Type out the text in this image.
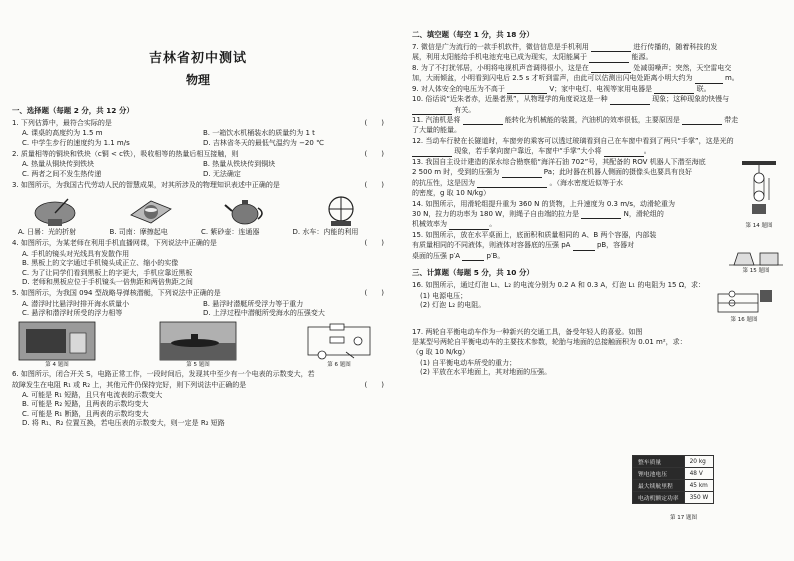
吉林省初中测试
物理
一、选择题（每题 2 分，共 12 分）
1. 下列估算中，最符合实际的是	(　　)
A. 课桌的高度约为 1.5 m	B. 一箱饮水机桶装水的质量约为 1 t
C. 中学生步行的速度约为 1.1 m/s	D. 吉林省冬天的最低气温约为 −20 ℃
2. 质量相等的铜块和铁块（c铜 < c铁），吸收相等的热量后相互接触，则	(　　)
A. 热量从铜块传到铁块	B. 热量从铁块传到铜块
C. 两者之间不发生热传递	D. 无法确定
3. 如图所示，为我国古代劳动人民的智慧成果，对其所涉及的物理知识表述中正确的是	(　　)
A. 日晷：光的折射	B. 司南：摩擦起电	C. 紫砂壶：连通器	D. 水车：内能的利用
4. 如图所示，为某老师在利用手机直播网课，下列说法中正确的是	(　　)
A. 手机的镜头对光线具有发散作用
B. 黑板上的文字通过手机镜头成正立、缩小的实像
C. 为了让同学们看到黑板上的字更大，手机应靠近黑板
D. 老师和黑板应位于手机镜头一倍焦距和两倍焦距之间
5. 如图所示，为我国 094 型战略导弹核潜艇，下列说法中正确的是	(　　)
A. 潜浮时比悬浮时排开海水质量小	B. 悬浮时潜艇所受浮力等于重力
C. 悬浮和潜浮时所受的浮力相等	D. 上浮过程中潜艇所受海水的压强变大
第 4 题图	第 5 题图	第 6 题图
6. 如图所示，闭合开关 S，电路正常工作，一段时间后，发现其中至少有一个电表的示数变大，若
故障发生在电阻 R₁ 或 R₂ 上，其他元件仍保持完好，则下列说法中正确的是	(　　)
A. 可能是 R₁ 短路，且只有电流表的示数变大
B. 可能是 R₂ 短路，且两表的示数均变大
C. 可能是 R₁ 断路，且两表的示数均变大
D. 将 R₁、R₂ 位置互换，若电压表的示数变大，则一定是 R₂ 短路
二、填空题（每空 1 分，共 18 分）
7. 微信是广为流行的一款手机软件，微信信息是手机利用	进行传播的，随着科技的发
展，利用太阳能给手机电池充电已成为现实，太阳能属于	能源。
8. 为了不打扰邻居，小明将电视机声音调得很小，这是在	处减弱噪声；突然，天空雷电交
加，大雨倾盆，小明看到闪电后 2.5 s 才听到雷声，由此可以估测出闪电处距离小明大约为	m。
9. 对人体安全的电压为不高于	V；家中电灯、电视等家用电器是	联。
10. 俗话说“近朱者赤，近墨者黑”，从物理学的角度说这是一种	现象；这种现象的快慢与
有关。
11. 汽油机是将	能转化为机械能的装置，汽油机的效率很低，主要原因是	带走
了大量的能量。
12. 当动车行驶在长隧道时，车窗旁的乘客可以透过玻璃看到自己在车窗中看到了两只“手掌”，这是光的
现象，若手掌向窗户靠近，车窗中“手掌”大小将	。
13. 我国自主设计建造的深水综合勘察船“海洋石油 702”号，其配备的 ROV 机器人下潜至海底
2 500 m 时，受到的压强为	Pa；此时器在机器人侧面的摄像头也要具有良好
的抗压性，这是因为	。（海水密度近似等于水
的密度，g 取 10 N/kg）
14. 如图所示，用滑轮组提升重为 360 N 的货物，上升速度为 0.3 m/s，动滑轮重为
30 N，拉力的功率为 180 W，则绳子自由端的拉力是	N，滑轮组的
机械效率为	。
15. 如图所示，放在水平桌面上，底面积和质量相同的 A、B 两个容器，内部装
有质量相同的不同液体，则液体对容器底的压强 pA	pB，容器对
桌面的压强 p′A	p′B。
第 14 题图
第 15 题图
三、计算题（每题 5 分，共 10 分）
16. 如图所示，通过灯泡 L₁、L₂ 的电流分别为 0.2 A 和 0.3 A，灯泡 L₁ 的电阻为 15 Ω，求：
(1) 电源电压；
(2) 灯泡 L₂ 的电阻。
第 16 题图
17. 两轮自平衡电动车作为一种新兴的交通工具，备受年轻人的喜爱。如图
是某型号两轮自平衡电动车的主要技术参数，轮胎与地面的总接触面积为 0.01 m²，求：
（g 取 10 N/kg）
(1) 自平衡电动车所受的重力；
(2) 平放在水平地面上，其对地面的压强。
整车质量	20 kg
锂电池电压	48 V
最大续航里程	45 km
电动机额定功率	350 W
第 17 题图
